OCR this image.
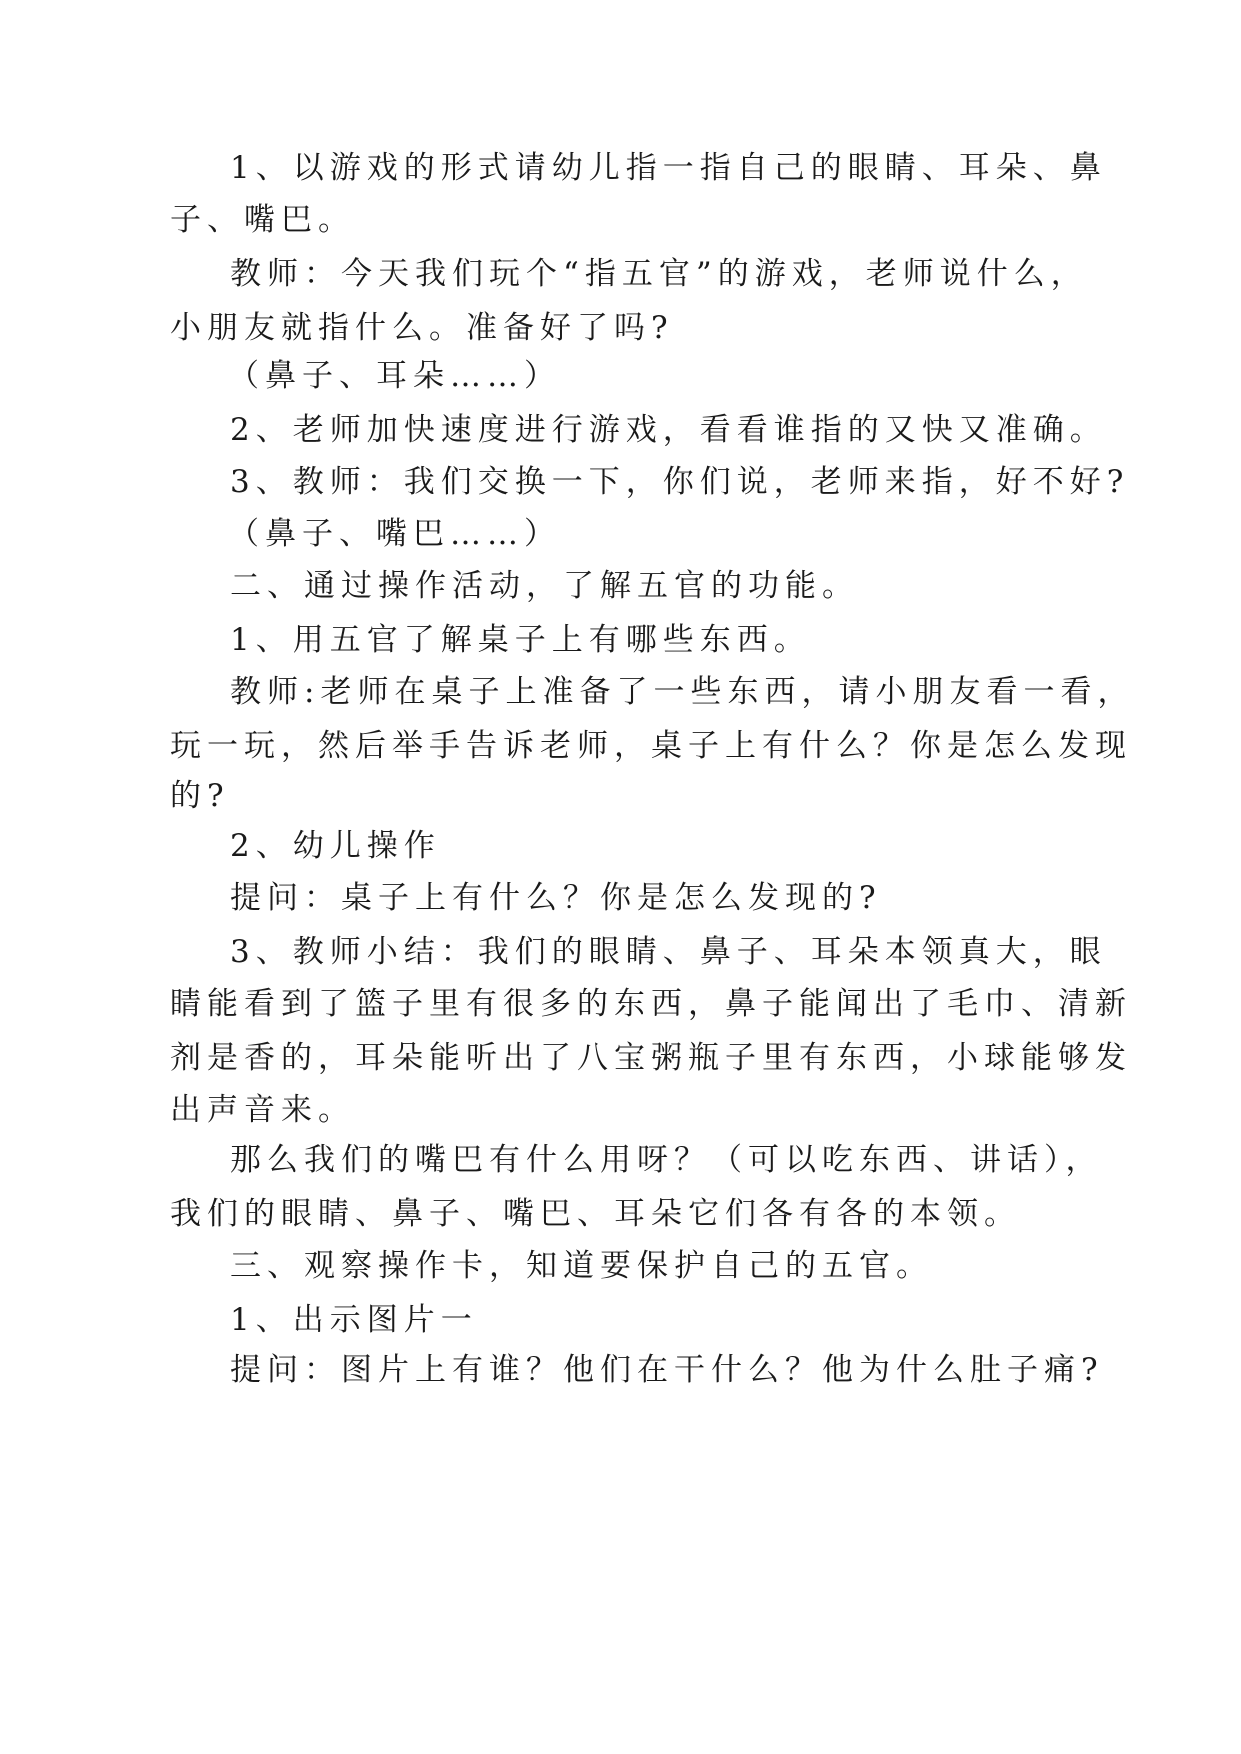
1、以游戏的形式请幼儿指一指自己的眼睛、耳朵、鼻
子、嘴巴。
教师：今天我们玩个“指五官”的游戏，老师说什么，
小朋友就指什么。准备好了吗?
（鼻子、耳朵……）
2、老师加快速度进行游戏，看看谁指的又快又准确。
3、教师：我们交换一下，你们说，老师来指，好不好?
（鼻子、嘴巴……）
二、通过操作活动，了解五官的功能。
1、用五官了解桌子上有哪些东西。
教师:老师在桌子上准备了一些东西，请小朋友看一看，
玩一玩，然后举手告诉老师，桌子上有什么？你是怎么发现
的?
2、幼儿操作
提问：桌子上有什么？你是怎么发现的?
3、教师小结：我们的眼睛、鼻子、耳朵本领真大，眼
睛能看到了篮子里有很多的东西，鼻子能闻出了毛巾、清新
剂是香的，耳朵能听出了八宝粥瓶子里有东西，小球能够发
出声音来。
那么我们的嘴巴有什么用呀？（可以吃东西、讲话），
我们的眼睛、鼻子、嘴巴、耳朵它们各有各的本领。
三、观察操作卡，知道要保护自己的五官。
1、出示图片一
提问：图片上有谁？他们在干什么？他为什么肚子痛?
